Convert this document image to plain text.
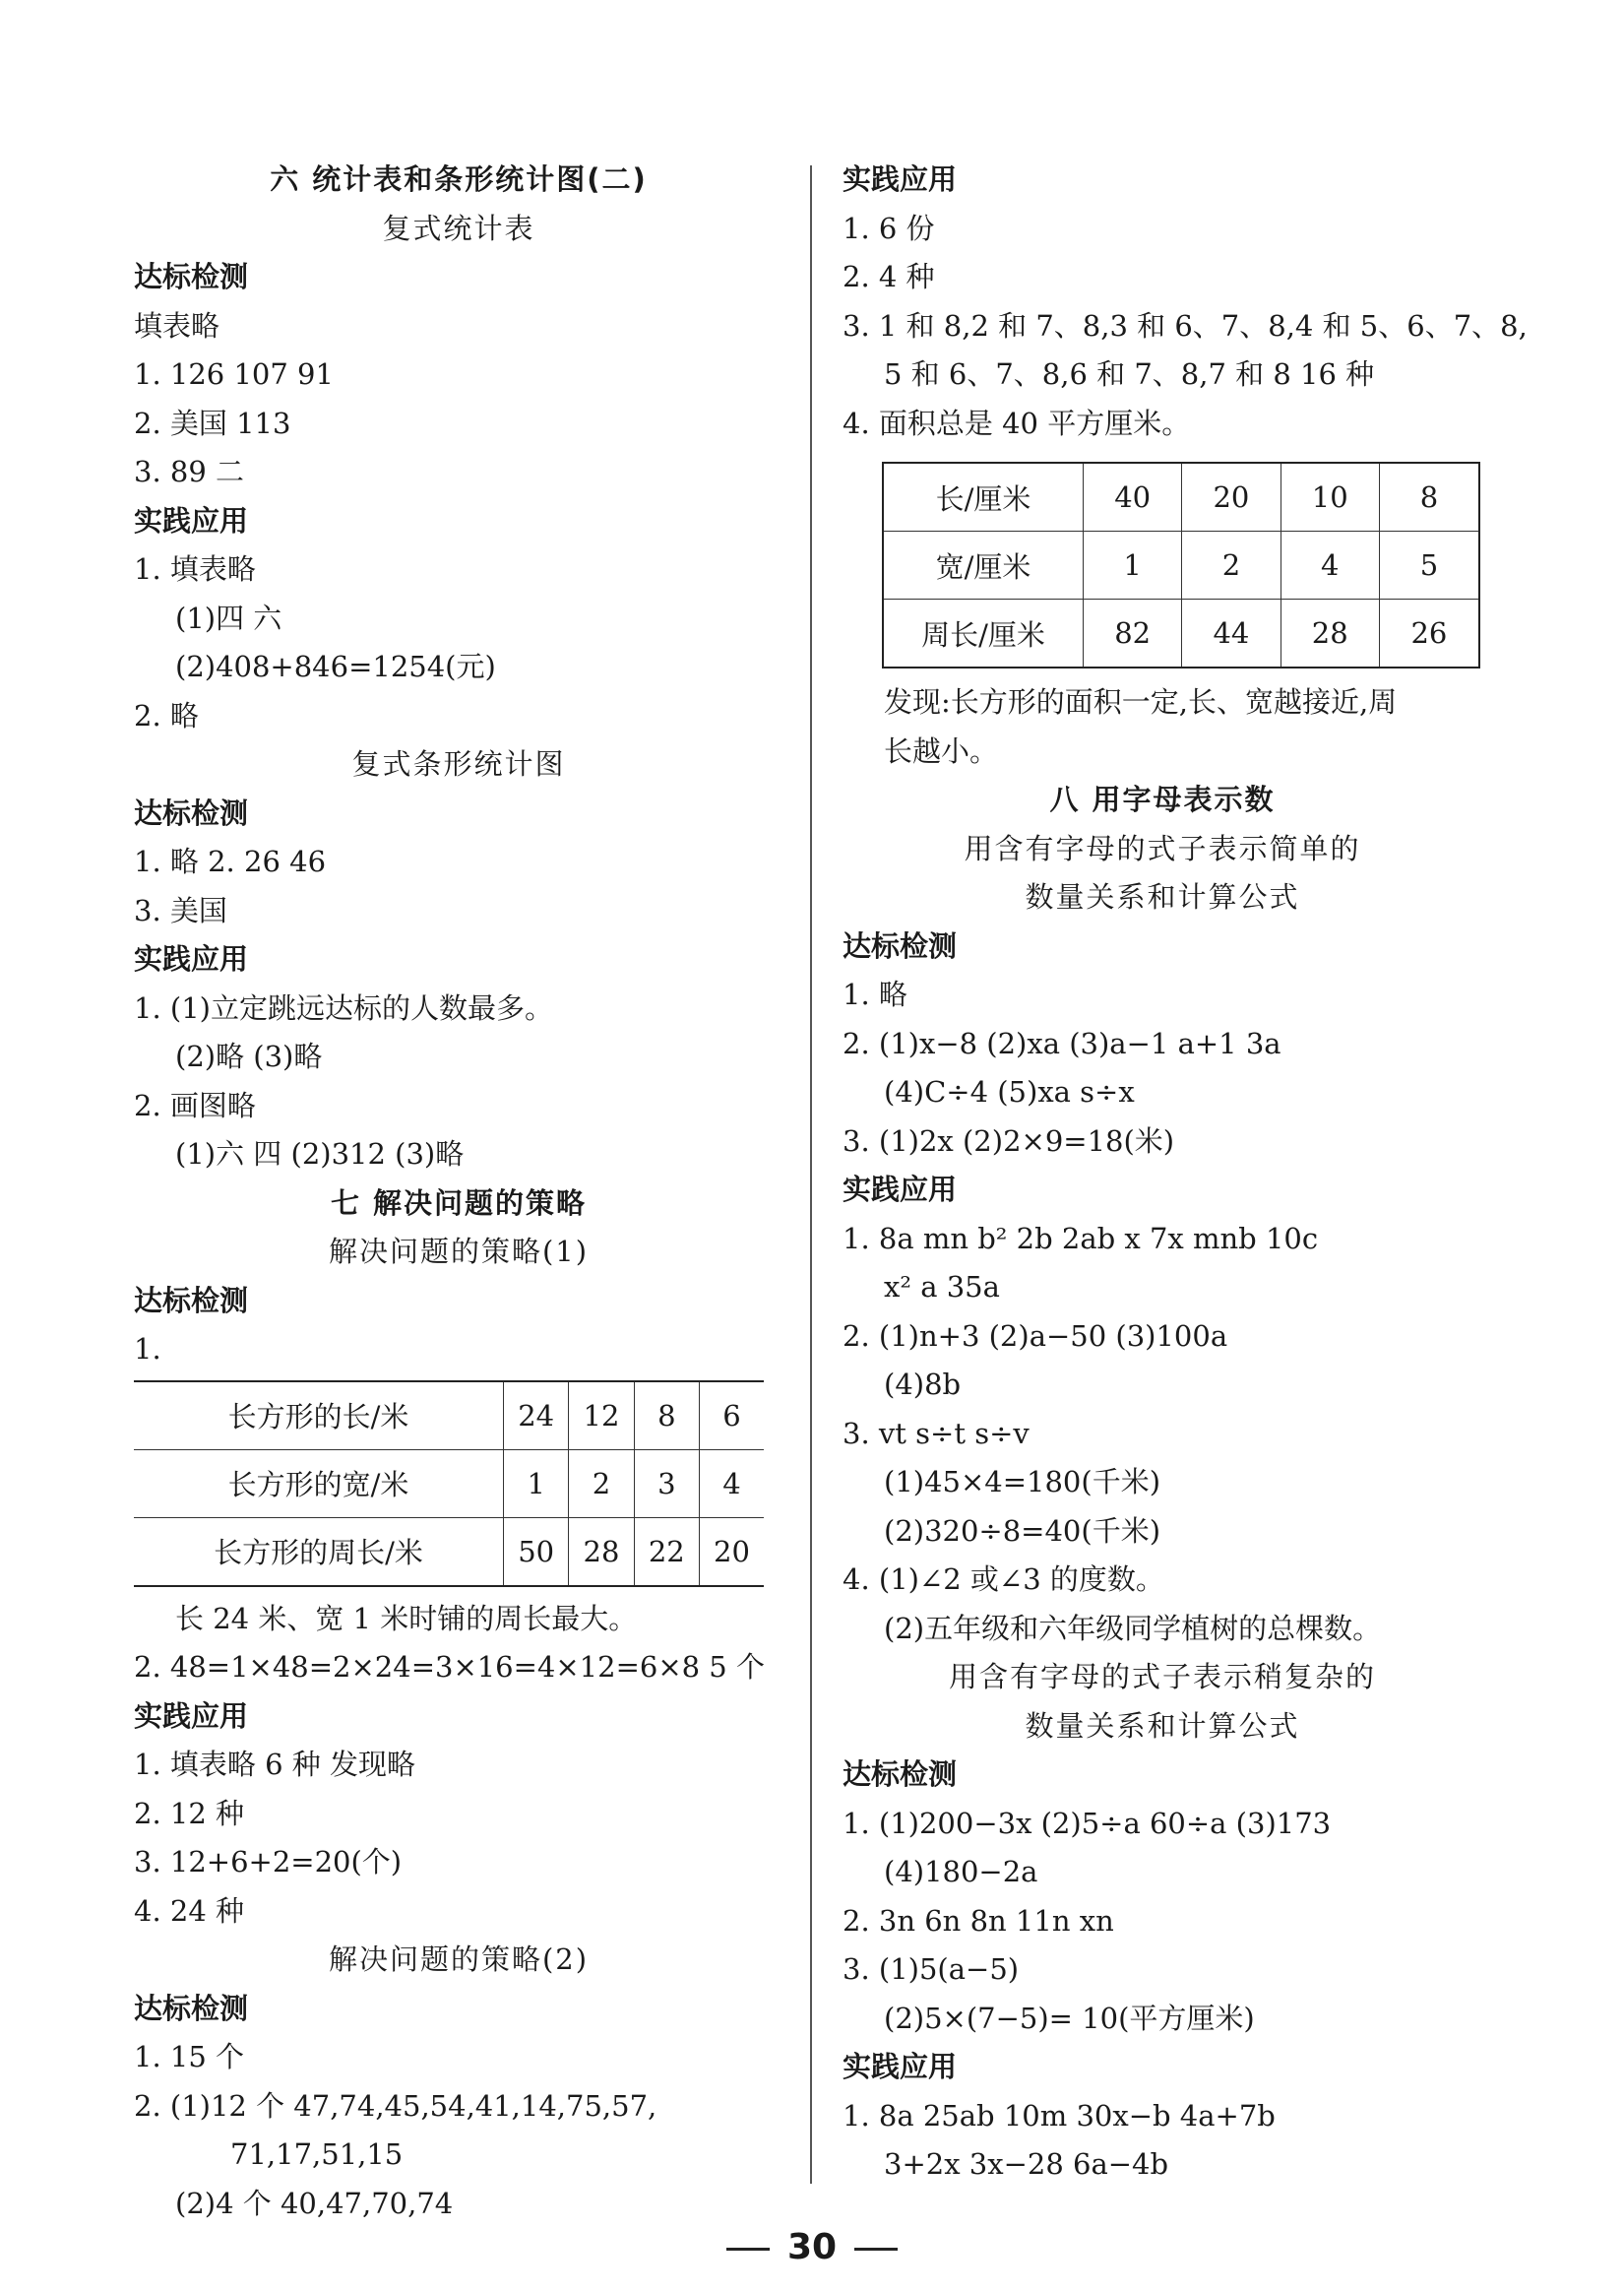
六 统计表和条形统计图(二)
复式统计表
达标检测
填表略
1. 126 107 91
2. 美国 113
3. 89 二
实践应用
1. 填表略
(1)四 六
(2)408+846=1254(元)
2. 略
复式条形统计图
达标检测
1. 略 2. 26 46
3. 美国
实践应用
1. (1)立定跳远达标的人数最多。
(2)略 (3)略
2. 画图略
(1)六 四 (2)312 (3)略
七 解决问题的策略
解决问题的策略(1)
达标检测
1.
长方形的长/米	24	12	8	6
长方形的宽/米	1	2	3	4
长方形的周长/米	50	28	22	20
长 24 米、宽 1 米时铺的周长最大。
2. 48=1×48=2×24=3×16=4×12=6×8 5 个
实践应用
1. 填表略 6 种 发现略
2. 12 种
3. 12+6+2=20(个)
4. 24 种
解决问题的策略(2)
达标检测
1. 15 个
2. (1)12 个 47,74,45,54,41,14,75,57,
71,17,51,15
(2)4 个 40,47,70,74
实践应用
1. 6 份
2. 4 种
3. 1 和 8,2 和 7、8,3 和 6、7、8,4 和 5、6、7、8,
5 和 6、7、8,6 和 7、8,7 和 8 16 种
4. 面积总是 40 平方厘米。
长/厘米	40	20	10	8
宽/厘米	1	2	4	5
周长/厘米	82	44	28	26
发现:长方形的面积一定,长、宽越接近,周
长越小。
八 用字母表示数
用含有字母的式子表示简单的
数量关系和计算公式
达标检测
1. 略
2. (1)x−8 (2)xa (3)a−1 a+1 3a
(4)C÷4 (5)xa s÷x
3. (1)2x (2)2×9=18(米)
实践应用
1. 8a mn b² 2b 2ab x 7x mnb 10c
x² a 35a
2. (1)n+3 (2)a−50 (3)100a
(4)8b
3. vt s÷t s÷v
(1)45×4=180(千米)
(2)320÷8=40(千米)
4. (1)∠2 或∠3 的度数。
(2)五年级和六年级同学植树的总棵数。
用含有字母的式子表示稍复杂的
数量关系和计算公式
达标检测
1. (1)200−3x (2)5÷a 60÷a (3)173
(4)180−2a
2. 3n 6n 8n 11n xn
3. (1)5(a−5)
(2)5×(7−5)= 10(平方厘米)
实践应用
1. 8a 25ab 10m 30x−b 4a+7b
3+2x 3x−28 6a−4b
30
